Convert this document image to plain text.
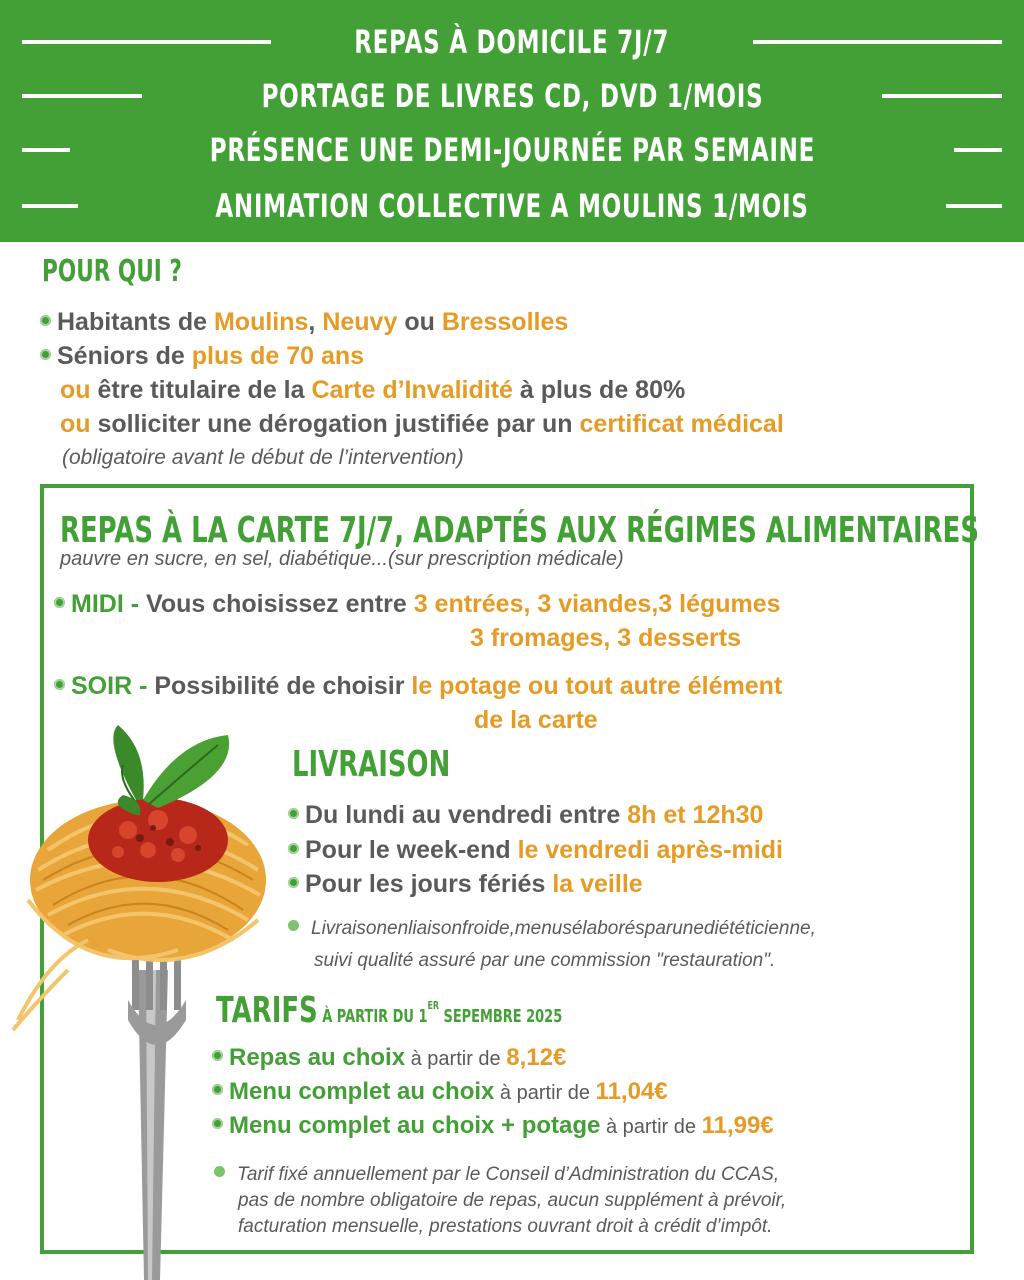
REPAS À DOMICILE 7J/7
PORTAGE DE LIVRES CD, DVD 1/MOIS
PRÉSENCE UNE DEMI-JOURNÉE PAR SEMAINE
ANIMATION COLLECTIVE A MOULINS 1/MOIS
POUR QUI ?
Habitants de Moulins, Neuvy ou Bressolles
Séniors de plus de 70 ans
ou être titulaire de la Carte d’Invalidité à plus de 80%
ou solliciter une dérogation justifiée par un certificat médical
(obligatoire avant le début de l’intervention)
REPAS À LA CARTE 7J/7, ADAPTÉS AUX RÉGIMES ALIMENTAIRES
pauvre en sucre, en sel, diabétique...(sur prescription médicale)
MIDI - Vous choisissez entre 3 entrées, 3 viandes,3 légumes
3 fromages, 3 desserts
SOIR - Possibilité de choisir le potage ou tout autre élément
de la carte
LIVRAISON
Du lundi au vendredi entre 8h et 12h30
Pour le week-end le vendredi après-midi
Pour les jours fériés la veille
Livraisonenliaisonfroide,menusélaborésparunediététicienne,
suivi qualité assuré par une commission "restauration".
TARIFS À PARTIR DU 1ER SEPEMBRE 2025
Repas au choix à partir de 8,12€
Menu complet au choix à partir de 11,04€
Menu complet au choix + potage à partir de 11,99€
Tarif fixé annuellement par le Conseil d’Administration du CCAS,
pas de nombre obligatoire de repas, aucun supplément à prévoir,
facturation mensuelle, prestations ouvrant droit à crédit d’impôt.
